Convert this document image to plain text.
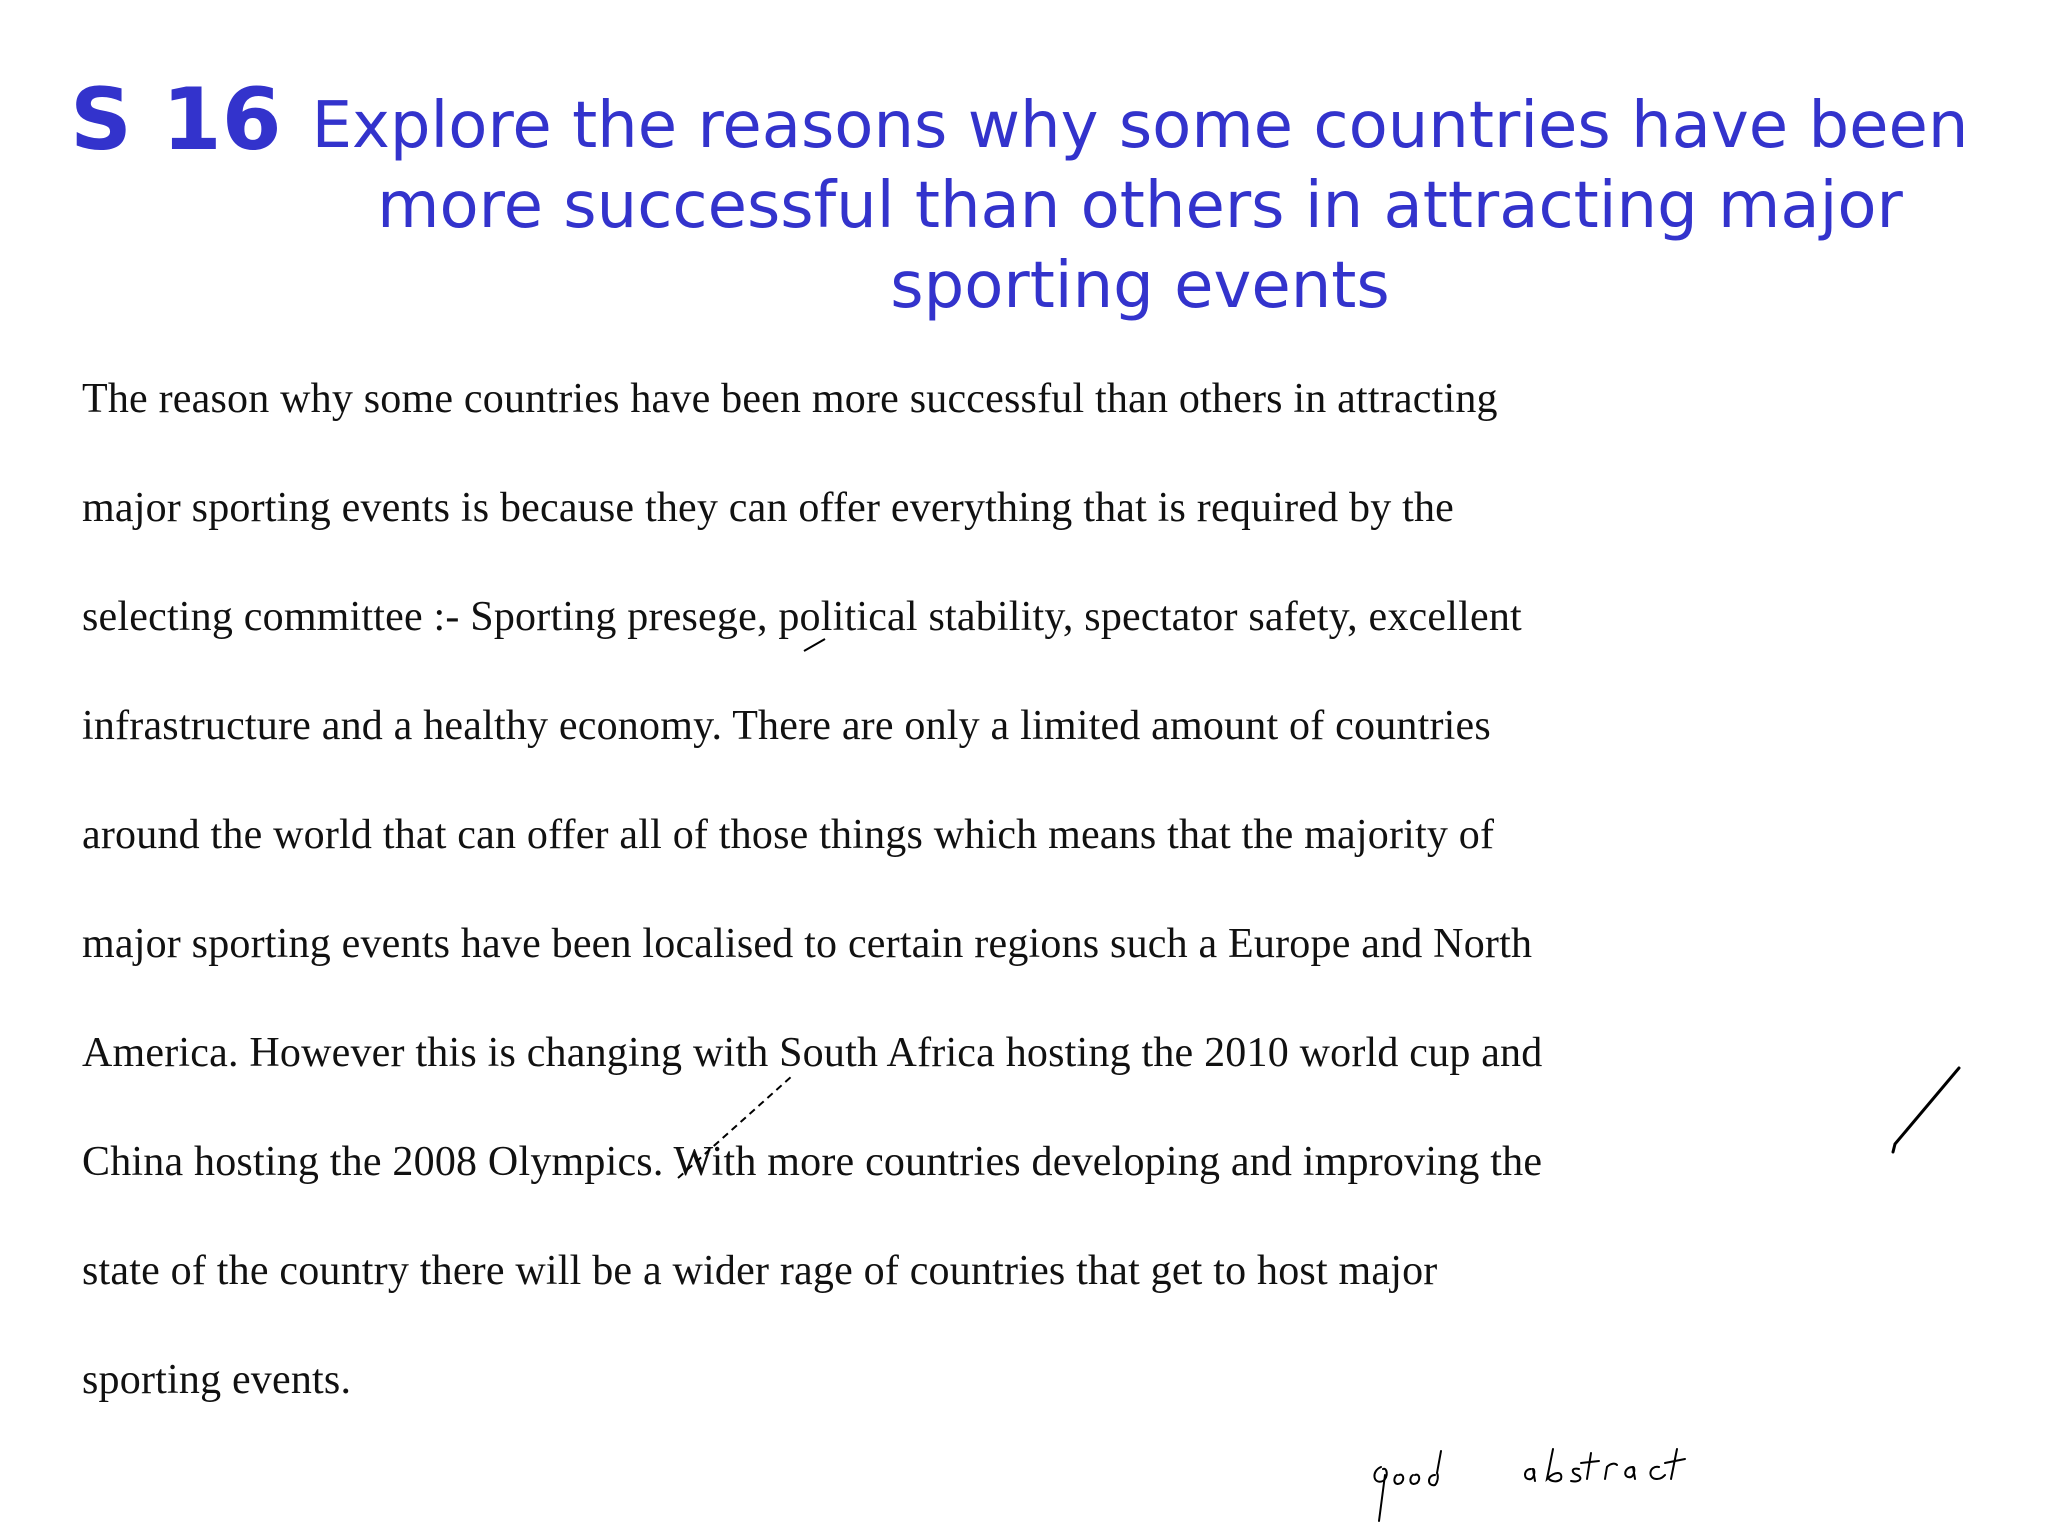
S 16 Explore the reasons why some countries have been more successful than others in attracting major sporting events
The reason why some countries have been more successful than others in attracting
major sporting events is because they can offer everything that is required by the
selecting committee :- Sporting presege, political stability, spectator safety, excellent
infrastructure and a healthy economy. There are only a limited amount of countries
around the world that can offer all of those things which means that the majority of
major sporting events have been localised to certain regions such a Europe and North
America. However this is changing with South Africa hosting the 2010 world cup and
China hosting the 2008 Olympics. With more countries developing and improving the
state of the country there will be a wider rage of countries that get to host major
sporting events.
